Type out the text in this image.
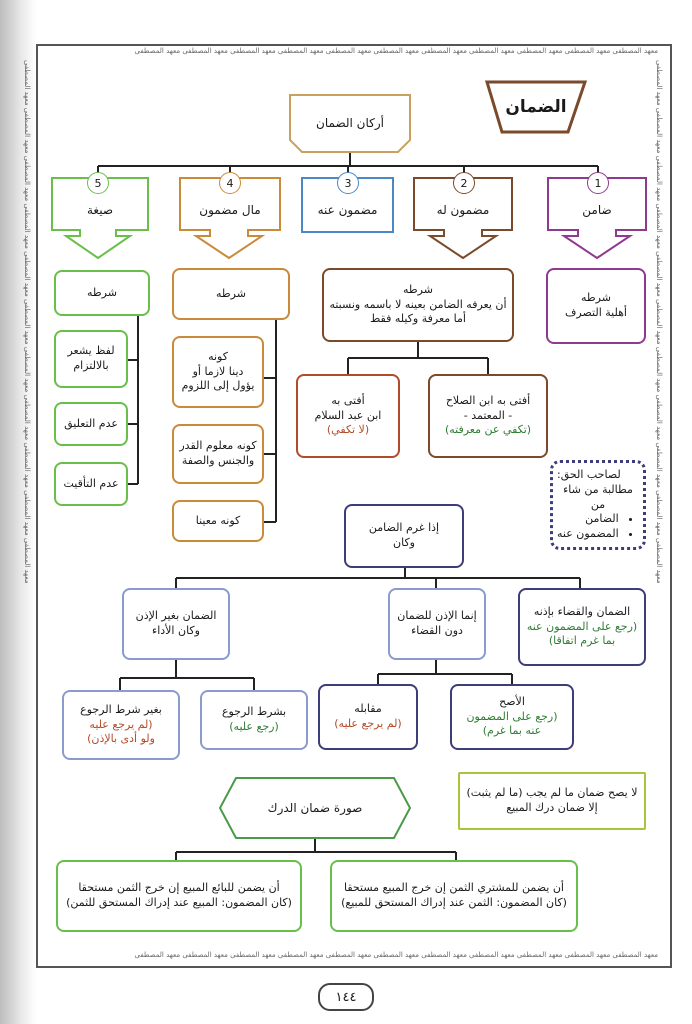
معهد المصطفى معهد المصطفى معهد المصطفى معهد المصطفى معهد المصطفى معهد المصطفى معهد المصطفى معهد المصطفى معهد المصطفى معهد المصطفى معهد المصطفى
معهد المصطفى معهد المصطفى معهد المصطفى معهد المصطفى معهد المصطفى معهد المصطفى معهد المصطفى معهد المصطفى معهد المصطفى معهد المصطفى معهد المصطفى
معهد المصطفى معهد المصطفى معهد المصطفى معهد المصطفى معهد المصطفى معهد المصطفى معهد المصطفى معهد المصطفى معهد المصطفى معهد المصطفى معهد المصطفى	معهد المصطفى معهد المصطفى معهد المصطفى معهد المصطفى معهد المصطفى معهد المصطفى معهد المصطفى معهد المصطفى معهد المصطفى معهد المصطفى معهد المصطفى
الضمان
أركان الضمان
1
ضامن
2
مضمون له
3
مضمون عنه
4
مال مضمون
5
صيغة
شرطه
أهلية التصرف
شرطه
أن يعرفه الضامن بعينه لا باسمه ونسبته
أما معرفة وكيله فقط
أفتى به ابن الصلاح
- المعتمد -
(تكفي عن معرفته)
أفتى به
ابن عبد السلام
(لا تكفي)
شرطه
كونه
دينا لازما أو
يؤول إلى اللزوم
كونه معلوم القدر
والجنس والصفة
كونه معينا
شرطه
لفظ يشعر
بالالتزام
عدم التعليق
عدم التأقيت
لصاحب الحق:
مطالبة من شاء من
• الضامن
• المضمون عنه
إذا غرم الضامن
وكان
الضمان والقضاء بإذنه
(رجع على المضمون عنه
بما غرم اتفاقا)
إنما الإذن للضمان
دون القضاء
الضمان بغير الإذن
وكان الأداء
الأصح
(رجع على المضمون
عنه بما غرم)
مقابله
(لم يرجع عليه)
بشرط الرجوع
(رجع عليه)
بغير شرط الرجوع
(لم يرجع عليه
ولو أدى بالإذن)
لا يصح ضمان ما لم يجب (ما لم يثبت)
إلا ضمان درك المبيع
صورة ضمان الدرك
أن يضمن للمشتري الثمن إن خرج المبيع مستحقا
(كان المضمون: الثمن عند إدراك المستحق للمبيع)
أن يضمن للبائع المبيع إن خرج الثمن مستحقا
(كان المضمون: المبيع عند إدراك المستحق للثمن)
١٤٤
